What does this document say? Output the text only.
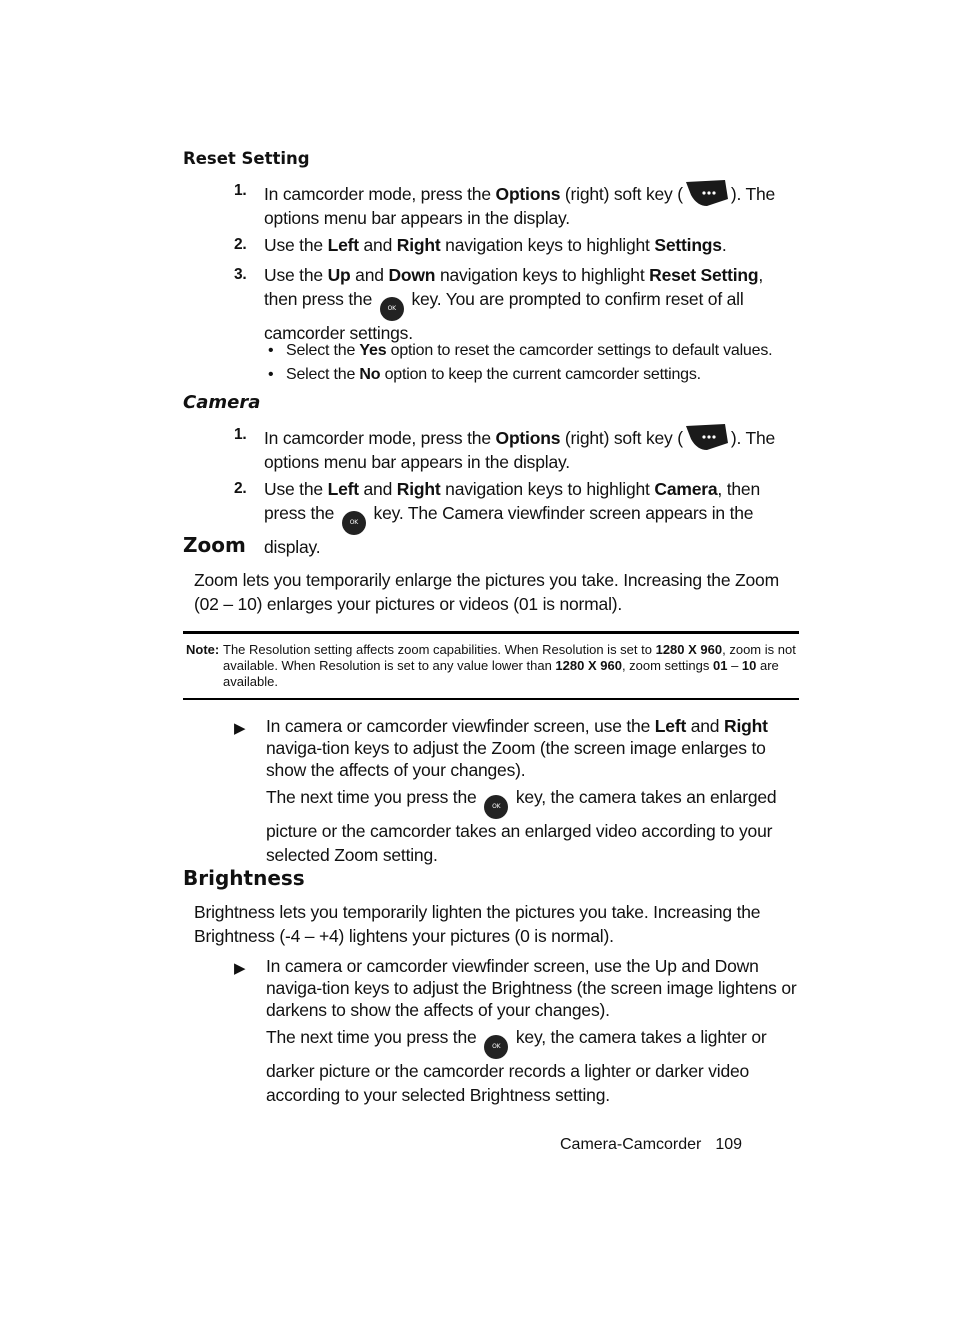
Reset Setting
1. In camcorder mode, press the Options (right) soft key (	). The options menu bar appears in the display.
2. Use the Left and Right navigation keys to highlight Settings.
3. Use the Up and Down navigation keys to highlight Reset Setting, then press the OK key. You are prompted to confirm reset of all camcorder settings.
• Select the Yes option to reset the camcorder settings to default values.
• Select the No option to keep the current camcorder settings.
Camera
1. In camcorder mode, press the Options (right) soft key (	). The options menu bar appears in the display.
2. Use the Left and Right navigation keys to highlight Camera, then press the OK key. The Camera viewfinder screen appears in the display.
Zoom
Zoom lets you temporarily enlarge the pictures you take. Increasing the Zoom (02 – 10) enlarges your pictures or videos (01 is normal).
Note: The Resolution setting affects zoom capabilities. When Resolution is set to 1280 X 960, zoom is not available. When Resolution is set to any value lower than 1280 X 960, zoom settings 01 – 10 are available.
▶ In camera or camcorder viewfinder screen, use the Left and Right naviga-tion keys to adjust the Zoom (the screen image enlarges to show the affects of your changes).
The next time you press the OK key, the camera takes an enlarged picture or the camcorder takes an enlarged video according to your selected Zoom setting.
Brightness
Brightness lets you temporarily lighten the pictures you take. Increasing the Brightness (-4 – +4) lightens your pictures (0 is normal).
▶ In camera or camcorder viewfinder screen, use the Up and Down naviga-tion keys to adjust the Brightness (the screen image lightens or darkens to show the affects of your changes).
The next time you press the OK key, the camera takes a lighter or darker picture or the camcorder records a lighter or darker video according to your selected Brightness setting.
Camera-Camcorder 109
